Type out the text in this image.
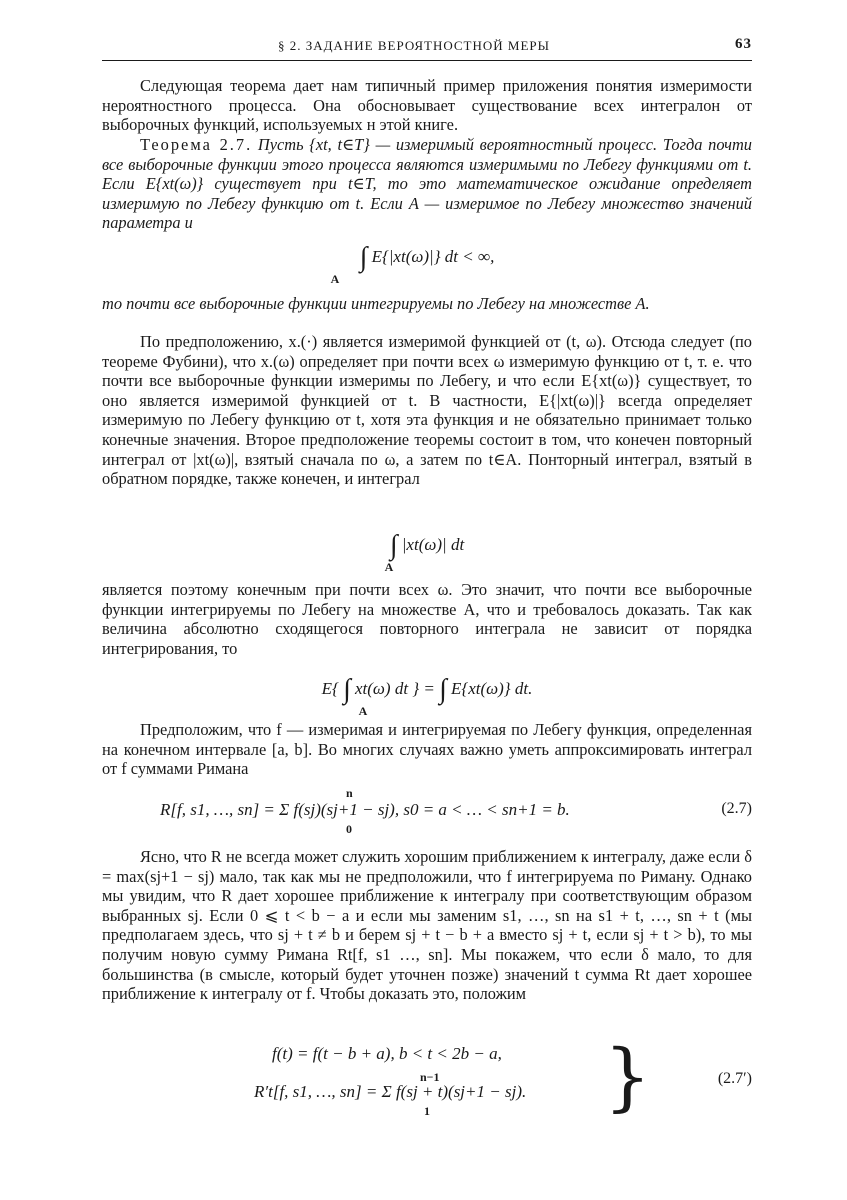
§ 2. ЗАДАНИЕ ВЕРОЯТНОСТНОЙ МЕРЫ	63
Следующая теорема дает нам типичный пример приложения понятия измеримости нероятностного процесса. Она обосновывает существование всех интегралон от выборочных функций, используемых н этой книге.
Теорема 2.7. Пусть {xt, t∈T} — измеримый вероятностный процесс. Тогда почти все выборочные функции этого процесса являются измеримыми по Лебегу функциями от t. Если E{xt(ω)} существует при t∈T, то это математическое ожидание определяет измеримую по Лебегу функцию от t. Если A — измеримое по Лебегу множество значений параметра и
∫ E{|xt(ω)|} dt < ∞,
A
то почти все выборочные функции интегрируемы по Лебегу на множестве A.
По предположению, x.(·) является измеримой функцией от (t, ω). Отсюда следует (по теореме Фубини), что x.(ω) определяет при почти всех ω измеримую функцию от t, т. е. что почти все выборочные функции измеримы по Лебегу, и что если E{xt(ω)} существует, то оно является измеримой функцией от t. В частности, E{|xt(ω)|} всегда определяет измеримую по Лебегу функцию от t, хотя эта функция и не обязательно принимает только конечные значения. Второе предположение теоремы состоит в том, что конечен повторный интеграл от |xt(ω)|, взятый сначала по ω, а затем по t∈A. Понторный интеграл, взятый в обратном порядке, также конечен, и интеграл
∫ |xt(ω)| dt
A
является поэтому конечным при почти всех ω. Это значит, что почти все выборочные функции интегрируемы по Лебегу на множестве A, что и требовалось доказать. Так как величина абсолютно сходящегося повторного интеграла не зависит от порядка интегрирования, то
E{ ∫ xt(ω) dt } = ∫ E{xt(ω)} dt.
A
Предположим, что f — измеримая и интегрируемая по Лебегу функция, определенная на конечном интервале [a, b]. Во многих случаях важно уметь аппроксимировать интеграл от f суммами Римана
n
R[f, s1, …, sn] = Σ f(sj)(sj+1 − sj), s0 = a < … < sn+1 = b.
0
(2.7)
Ясно, что R не всегда может служить хорошим приближением к интегралу, даже если δ = max(sj+1 − sj) мало, так как мы не предположили, что f интегрируема по Риману. Однако мы увидим, что R дает хорошее приближение к интегралу при соответствующим образом выбранных sj. Если 0 ⩽ t < b − a и если мы заменим s1, …, sn на s1 + t, …, sn + t (мы предполагаем здесь, что sj + t ≠ b и берем sj + t − b + a вместо sj + t, если sj + t > b), то мы получим новую сумму Римана Rt[f, s1 …, sn]. Мы покажем, что если δ мало, то для большинства (в смысле, который будет уточнен позже) значений t сумма Rt дает хорошее приближение к интегралу от f. Чтобы доказать это, положим
f(t) = f(t − b + a), b < t < 2b − a,
n−1
R′t[f, s1, …, sn] = Σ f(sj + t)(sj+1 − sj).
1 }	(2.7′)
